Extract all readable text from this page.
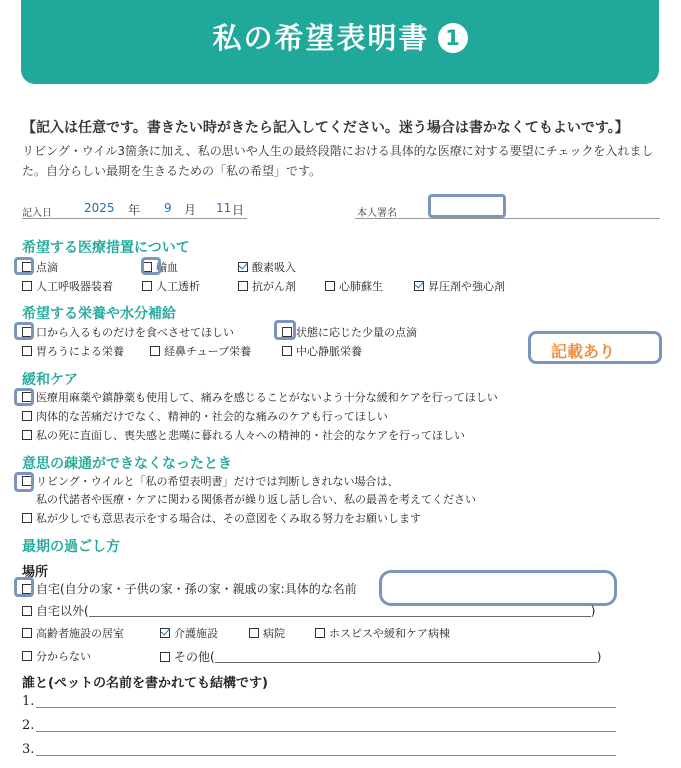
私の希望表明書 1
【記入は任意です。書きたい時がきたら記入してください。迷う場合は書かなくてもよいです。】
リビング・ウイル3箇条に加え、私の思いや人生の最終段階における具体的な医療に対する要望にチェックを入れました。自分らしい最期を生きるための「私の希望」です。
記入日	2025 年 9 月 11 日	本人署名
希望する医療措置について
点滴	輸血	酸素吸入
人工呼吸器装着	人工透析	抗がん剤	心肺蘇生	昇圧剤や強心剤
希望する栄養や水分補給
口から入るものだけを食べさせてほしい	状態に応じた少量の点滴
胃ろうによる栄養	経鼻チューブ栄養	中心静脈栄養	記載あり
緩和ケア
医療用麻薬や鎮静薬も使用して、痛みを感じることがないよう十分な緩和ケアを行ってほしい
肉体的な苦痛だけでなく、精神的・社会的な痛みのケアも行ってほしい
私の死に直面し、喪失感と悲嘆に暮れる人々への精神的・社会的なケアを行ってほしい
意思の疎通ができなくなったとき
リビング・ウイルと「私の希望表明書」だけでは判断しきれない場合は、
私の代諾者や医療・ケアに関わる関係者が繰り返し話し合い、私の最善を考えてください
私が少しでも意思表示をする場合は、その意図をくみ取る努力をお願いします
最期の過ごし方
場所
自宅(自分の家・子供の家・孫の家・親戚の家:具体的な名前
自宅以外(	)
高齢者施設の居室	介護施設	病院	ホスピスや緩和ケア病棟
分からない	その他(	)
誰と(ペットの名前を書かれても結構です)
1.
2.
3.
